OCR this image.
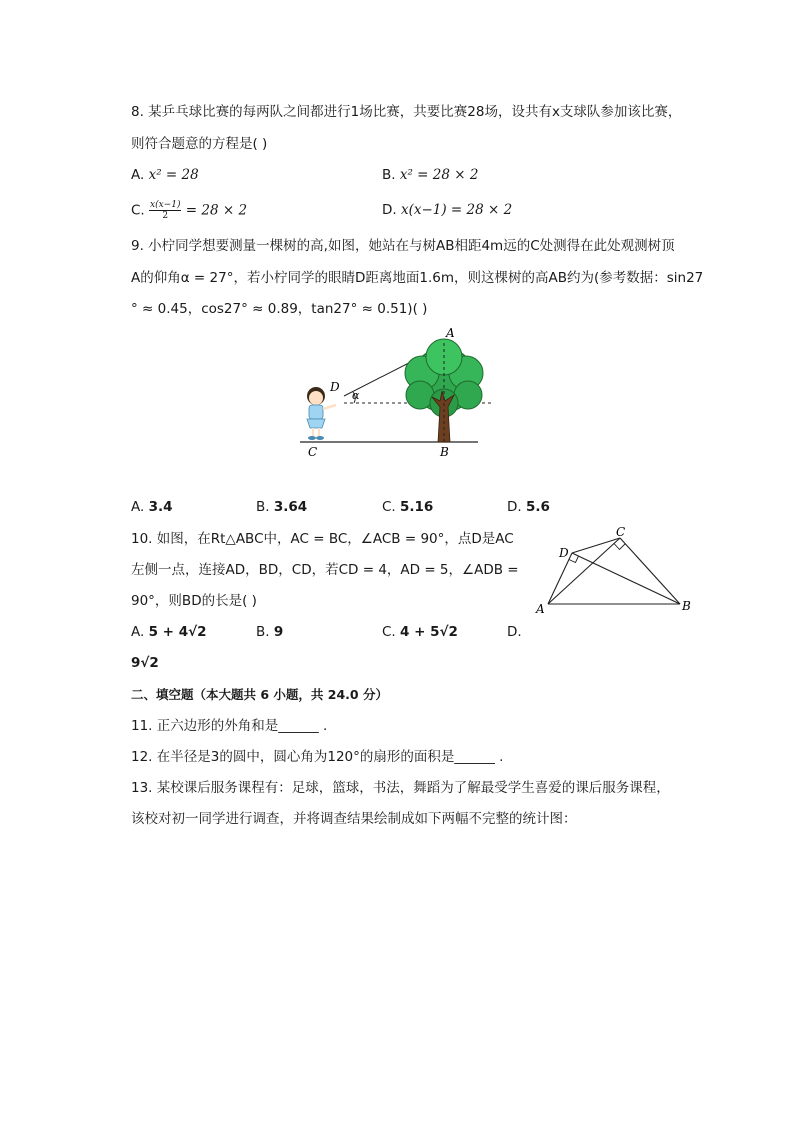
8. 某乒乓球比赛的每两队之间都进行1场比赛，共要比赛28场，设共有x支球队参加该比赛，
则符合题意的方程是( )
A. x² = 28	B. x² = 28 × 2
C. $\frac{x(x-1)}{2} = 28 \times 2$	D. x(x−1) = 28 × 2
9. 小柠同学想要测量一棵树的高,如图，她站在与树AB相距4m远的C处测得在此处观测树顶
A的仰角α = 27°，若小柠同学的眼睛D距离地面1.6m，则这棵树的高AB约为(参考数据：sin27
° ≈ 0.45，cos27° ≈ 0.89，tan27° ≈ 0.51)( )
A
B
C
D
α
A. 3.4	B. 3.64	C. 5.16	D. 5.6
10. 如图，在Rt△ABC中，AC = BC，∠ACB = 90°，点D是AC
左侧一点，连接AD，BD，CD，若CD = 4，AD = 5，∠ADB =
90°，则BD的长是( )	A	B
C
D
A. 5 + 4√2	B. 9	C. 4 + 5√2	D.
9√2
二、填空题（本大题共 6 小题，共 24.0 分）
11. 正六边形的外角和是______ .
12. 在半径是3的圆中，圆心角为120°的扇形的面积是______ .
13. 某校课后服务课程有：足球，篮球，书法，舞蹈为了解最受学生喜爱的课后服务课程，
该校对初一同学进行调查，并将调查结果绘制成如下两幅不完整的统计图：
